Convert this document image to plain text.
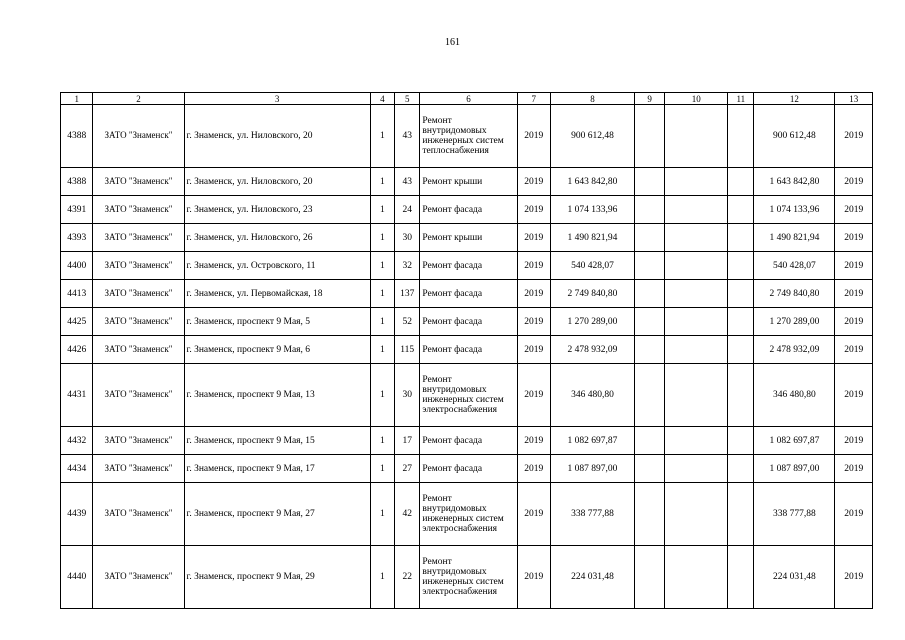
161
1	2	3	4	5	6	7	8	9	10	11	12	13
4388	ЗАТО "Знаменск"	г. Знаменск, ул. Ниловского, 20	1	43	Ремонт внутридомовых инженерных систем теплоснабжения	2019	900 612,48				900 612,48	2019
4388	ЗАТО "Знаменск"	г. Знаменск, ул. Ниловского, 20	1	43	Ремонт крыши	2019	1 643 842,80				1 643 842,80	2019
4391	ЗАТО "Знаменск"	г. Знаменск, ул. Ниловского, 23	1	24	Ремонт фасада	2019	1 074 133,96				1 074 133,96	2019
4393	ЗАТО "Знаменск"	г. Знаменск, ул. Ниловского, 26	1	30	Ремонт крыши	2019	1 490 821,94				1 490 821,94	2019
4400	ЗАТО "Знаменск"	г. Знаменск, ул. Островского, 11	1	32	Ремонт фасада	2019	540 428,07				540 428,07	2019
4413	ЗАТО "Знаменск"	г. Знаменск, ул. Первомайская, 18	1	137	Ремонт фасада	2019	2 749 840,80				2 749 840,80	2019
4425	ЗАТО "Знаменск"	г. Знаменск, проспект 9 Мая, 5	1	52	Ремонт фасада	2019	1 270 289,00				1 270 289,00	2019
4426	ЗАТО "Знаменск"	г. Знаменск, проспект 9 Мая, 6	1	115	Ремонт фасада	2019	2 478 932,09				2 478 932,09	2019
4431	ЗАТО "Знаменск"	г. Знаменск, проспект 9 Мая, 13	1	30	Ремонт внутридомовых инженерных систем электроснабжения	2019	346 480,80				346 480,80	2019
4432	ЗАТО "Знаменск"	г. Знаменск, проспект 9 Мая, 15	1	17	Ремонт фасада	2019	1 082 697,87				1 082 697,87	2019
4434	ЗАТО "Знаменск"	г. Знаменск, проспект 9 Мая, 17	1	27	Ремонт фасада	2019	1 087 897,00				1 087 897,00	2019
4439	ЗАТО "Знаменск"	г. Знаменск, проспект 9 Мая, 27	1	42	Ремонт внутридомовых инженерных систем электроснабжения	2019	338 777,88				338 777,88	2019
4440	ЗАТО "Знаменск"	г. Знаменск, проспект 9 Мая, 29	1	22	Ремонт внутридомовых инженерных систем электроснабжения	2019	224 031,48				224 031,48	2019
